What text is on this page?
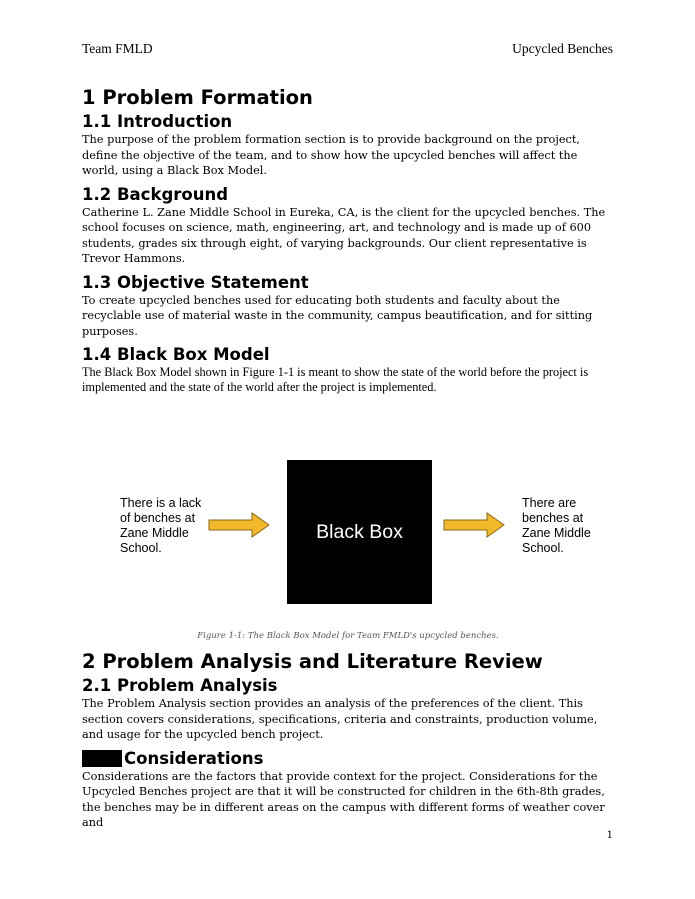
Team FMLD	Upcycled Benches
1 Problem Formation
1.1 Introduction

The purpose of the problem formation section is to provide background on the project, define the objective of the team, and to show how the upcycled benches will affect the world, using a Black Box Model.

1.2 Background

Catherine L. Zane Middle School in Eureka, CA, is the client for the upcycled benches. The school focuses on science, math, engineering, art, and technology and is made up of 600 students, grades six through eight, of varying backgrounds. Our client representative is Trevor Hammons.

1.3 Objective Statement

To create upcycled benches used for educating both students and faculty about the recyclable use of material waste in the community, campus beautification, and for sitting purposes.

1.4 Black Box Model

The Black Box Model shown in Figure 1-1 is meant to show the state of the world before the project is implemented and the state of the world after the project is implemented.

There is a lack of benches at Zane Middle School.
Black Box
There are benches at Zane Middle School.
Figure 1-1: The Black Box Model for Team FMLD's upcycled benches.
2 Problem Analysis and Literature Review
2.1 Problem Analysis

The Problem Analysis section provides an analysis of the preferences of the client. This section covers considerations, specifications, criteria and constraints, production volume, and usage for the upcycled bench project.

Considerations

Considerations are the factors that provide context for the project. Considerations for the Upcycled Benches project are that it will be constructed for children in the 6th-8th grades, the benches may be in different areas on the campus with different forms of weather cover and

1
